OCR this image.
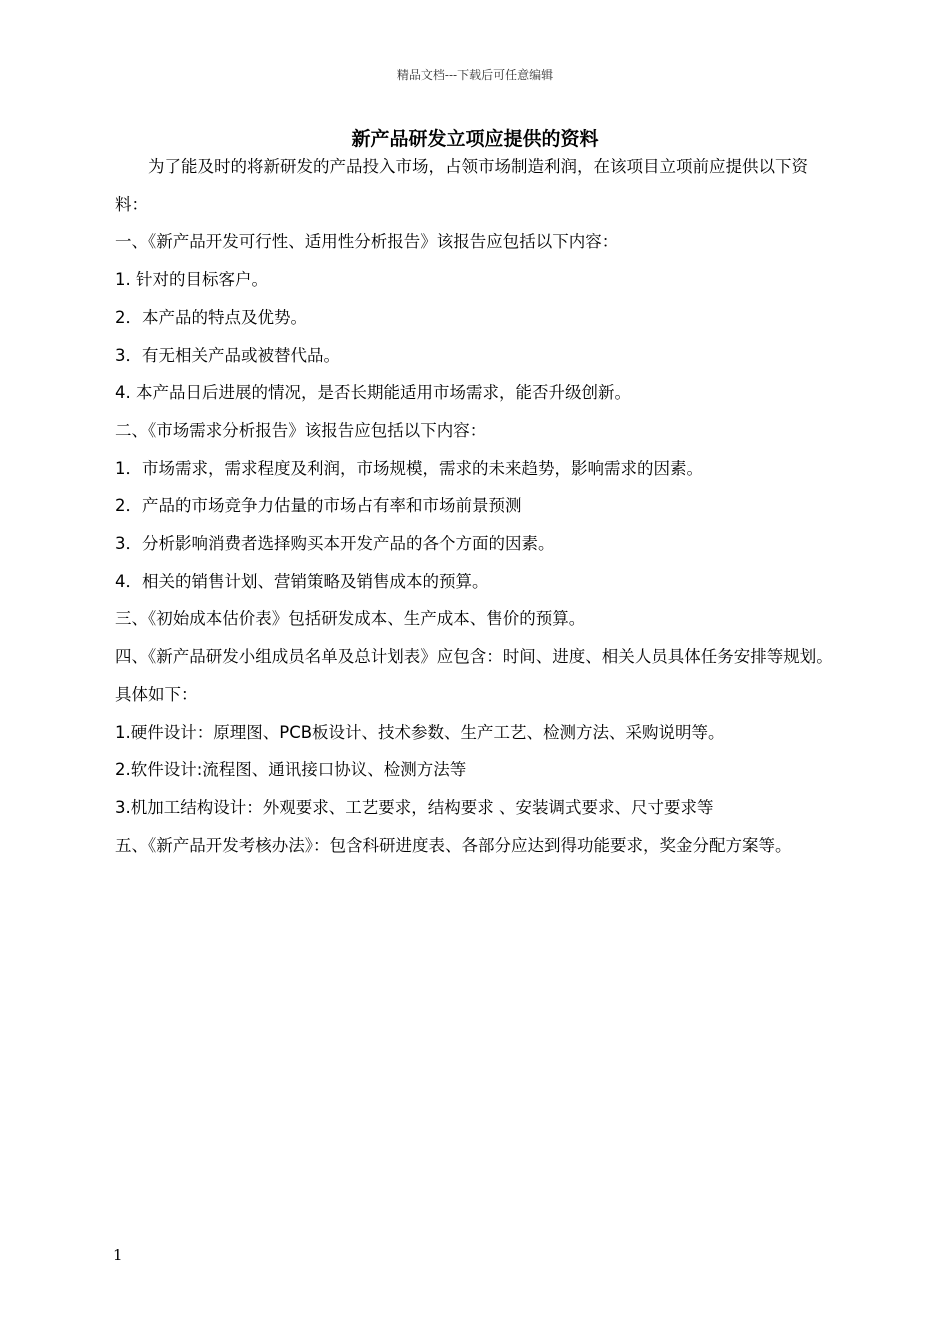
精品文档---下载后可任意编辑
新产品研发立项应提供的资料

为了能及时的将新研发的产品投入市场，占领市场制造利润，在该项目立项前应提供以下资料：

一、《新产品开发可行性、适用性分析报告》该报告应包括以下内容：

1. 针对的目标客户。

2．本产品的特点及优势。

3．有无相关产品或被替代品。

4. 本产品日后进展的情况，是否长期能适用市场需求，能否升级创新。

二、《市场需求分析报告》该报告应包括以下内容：

1．市场需求，需求程度及利润，市场规模，需求的未来趋势，影响需求的因素。

2．产品的市场竞争力估量的市场占有率和市场前景预测

3．分析影响消费者选择购买本开发产品的各个方面的因素。

4．相关的销售计划、营销策略及销售成本的预算。

三、《初始成本估价表》包括研发成本、生产成本、售价的预算。

四、《新产品研发小组成员名单及总计划表》应包含：时间、进度、相关人员具体任务安排等规划。具体如下：

1.硬件设计：原理图、PCB板设计、技术参数、生产工艺、检测方法、采购说明等。

2.软件设计:流程图、通讯接口协议、检测方法等

3.机加工结构设计：外观要求、工艺要求，结构要求 、安装调式要求、尺寸要求等

五、《新产品开发考核办法》：包含科研进度表、各部分应达到得功能要求，奖金分配方案等。

1
